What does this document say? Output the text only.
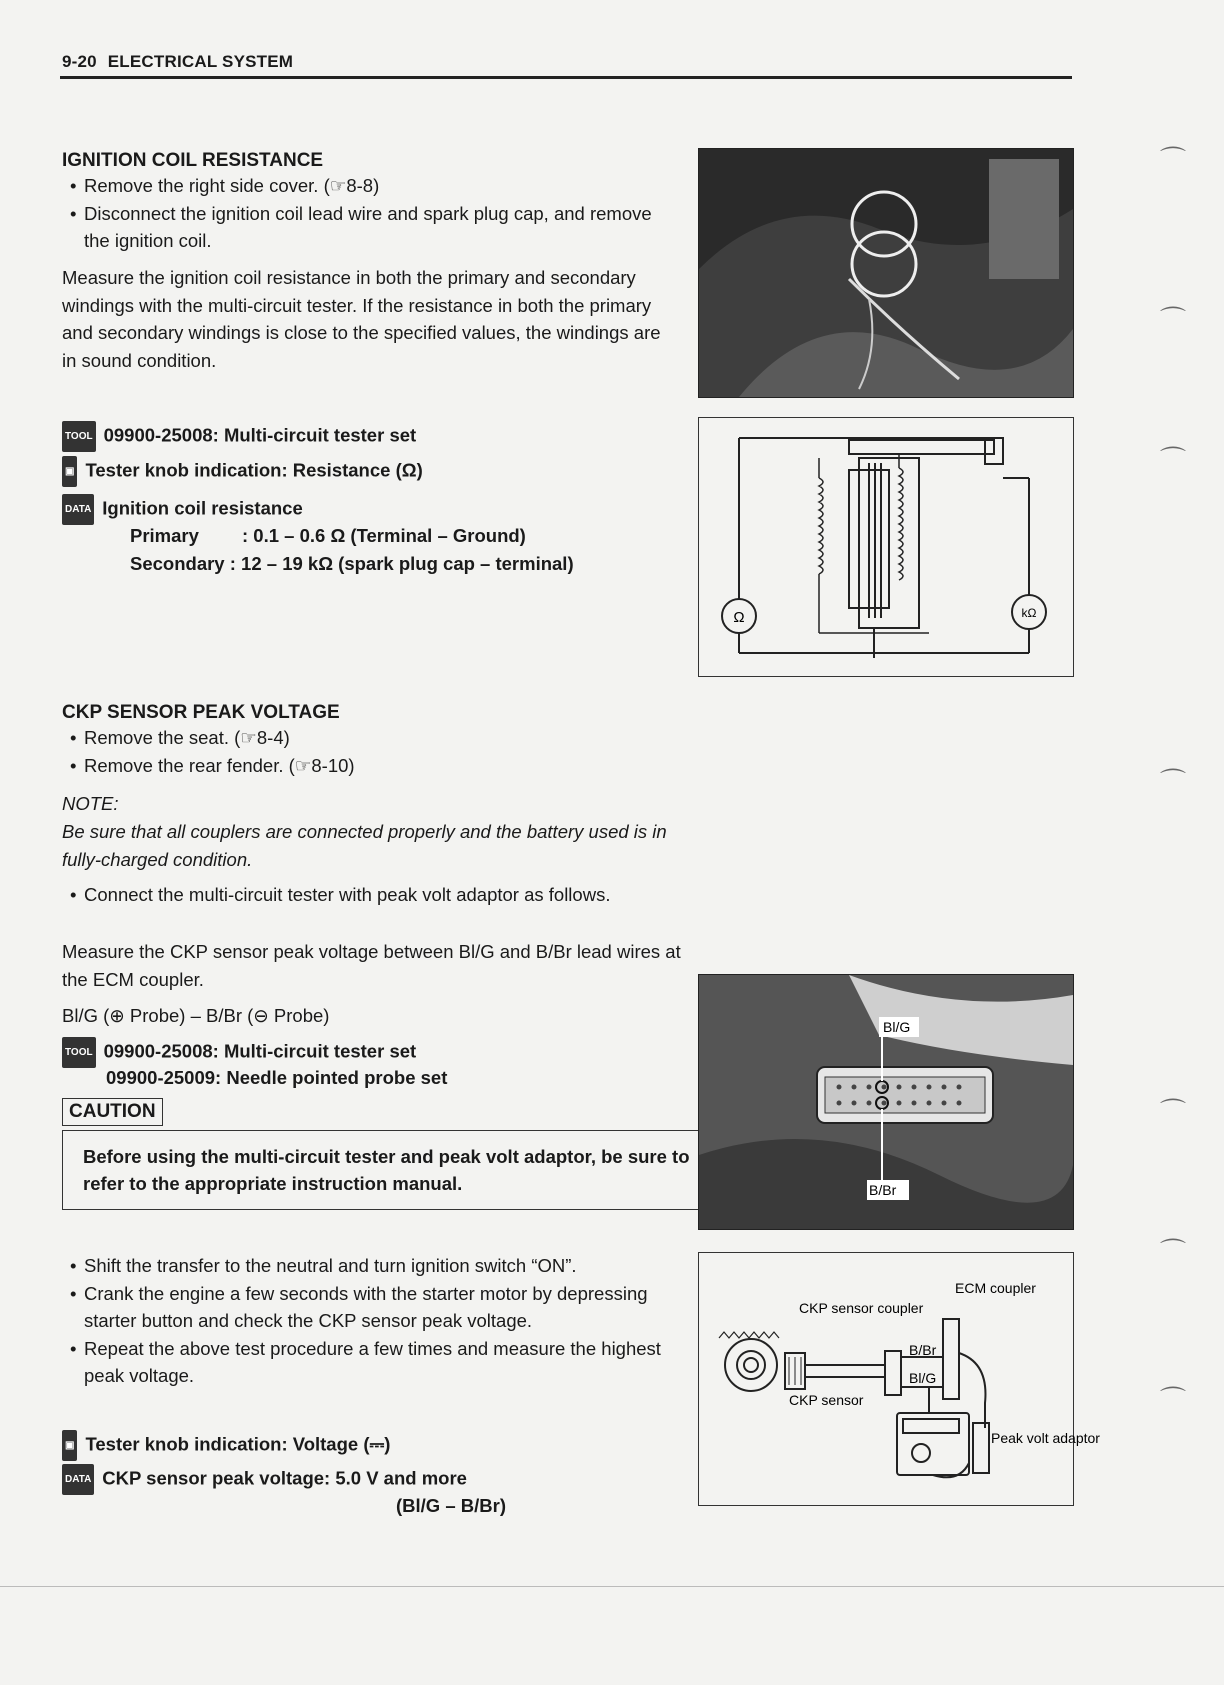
9-20 ELECTRICAL SYSTEM
IGNITION COIL RESISTANCE
• Remove the right side cover. (☞8-8)
• Disconnect the ignition coil lead wire and spark plug cap, and remove the ignition coil.
Measure the ignition coil resistance in both the primary and secondary windings with the multi-circuit tester. If the resistance in both the primary and secondary windings is close to the specified values, the windings are in sound condition.
TOOL 09900-25008: Multi-circuit tester set
▣ Tester knob indication: Resistance (Ω)
DATA Ignition coil resistance
Primary : 0.1 – 0.6 Ω (Terminal – Ground)
Secondary : 12 – 19 kΩ (spark plug cap – terminal)
Ω	kΩ
CKP SENSOR PEAK VOLTAGE
• Remove the seat. (☞8-4)
• Remove the rear fender. (☞8-10)
NOTE:
Be sure that all couplers are connected properly and the battery used is in fully-charged condition.
• Connect the multi-circuit tester with peak volt adaptor as follows.
Measure the CKP sensor peak voltage between Bl/G and B/Br lead wires at the ECM coupler.
Bl/G (⊕ Probe) – B/Br (⊖ Probe)
TOOL 09900-25008: Multi-circuit tester set
09900-25009: Needle pointed probe set
CAUTION
Before using the multi-circuit tester and peak volt adaptor, be sure to refer to the appropriate instruction manual.
• Shift the transfer to the neutral and turn ignition switch “ON”.
• Crank the engine a few seconds with the starter motor by depressing starter button and check the CKP sensor peak voltage.
• Repeat the above test procedure a few times and measure the highest peak voltage.
▣ Tester knob indication: Voltage (⎓)
DATA CKP sensor peak voltage: 5.0 V and more
(Bl/G – B/Br)
Bl/G
B/Br
ECM coupler
CKP sensor coupler
B/Br
Bl/G
CKP sensor
Peak volt adaptor
⌒
⌒
⌒
⌒
⌒
⌒
⌒
